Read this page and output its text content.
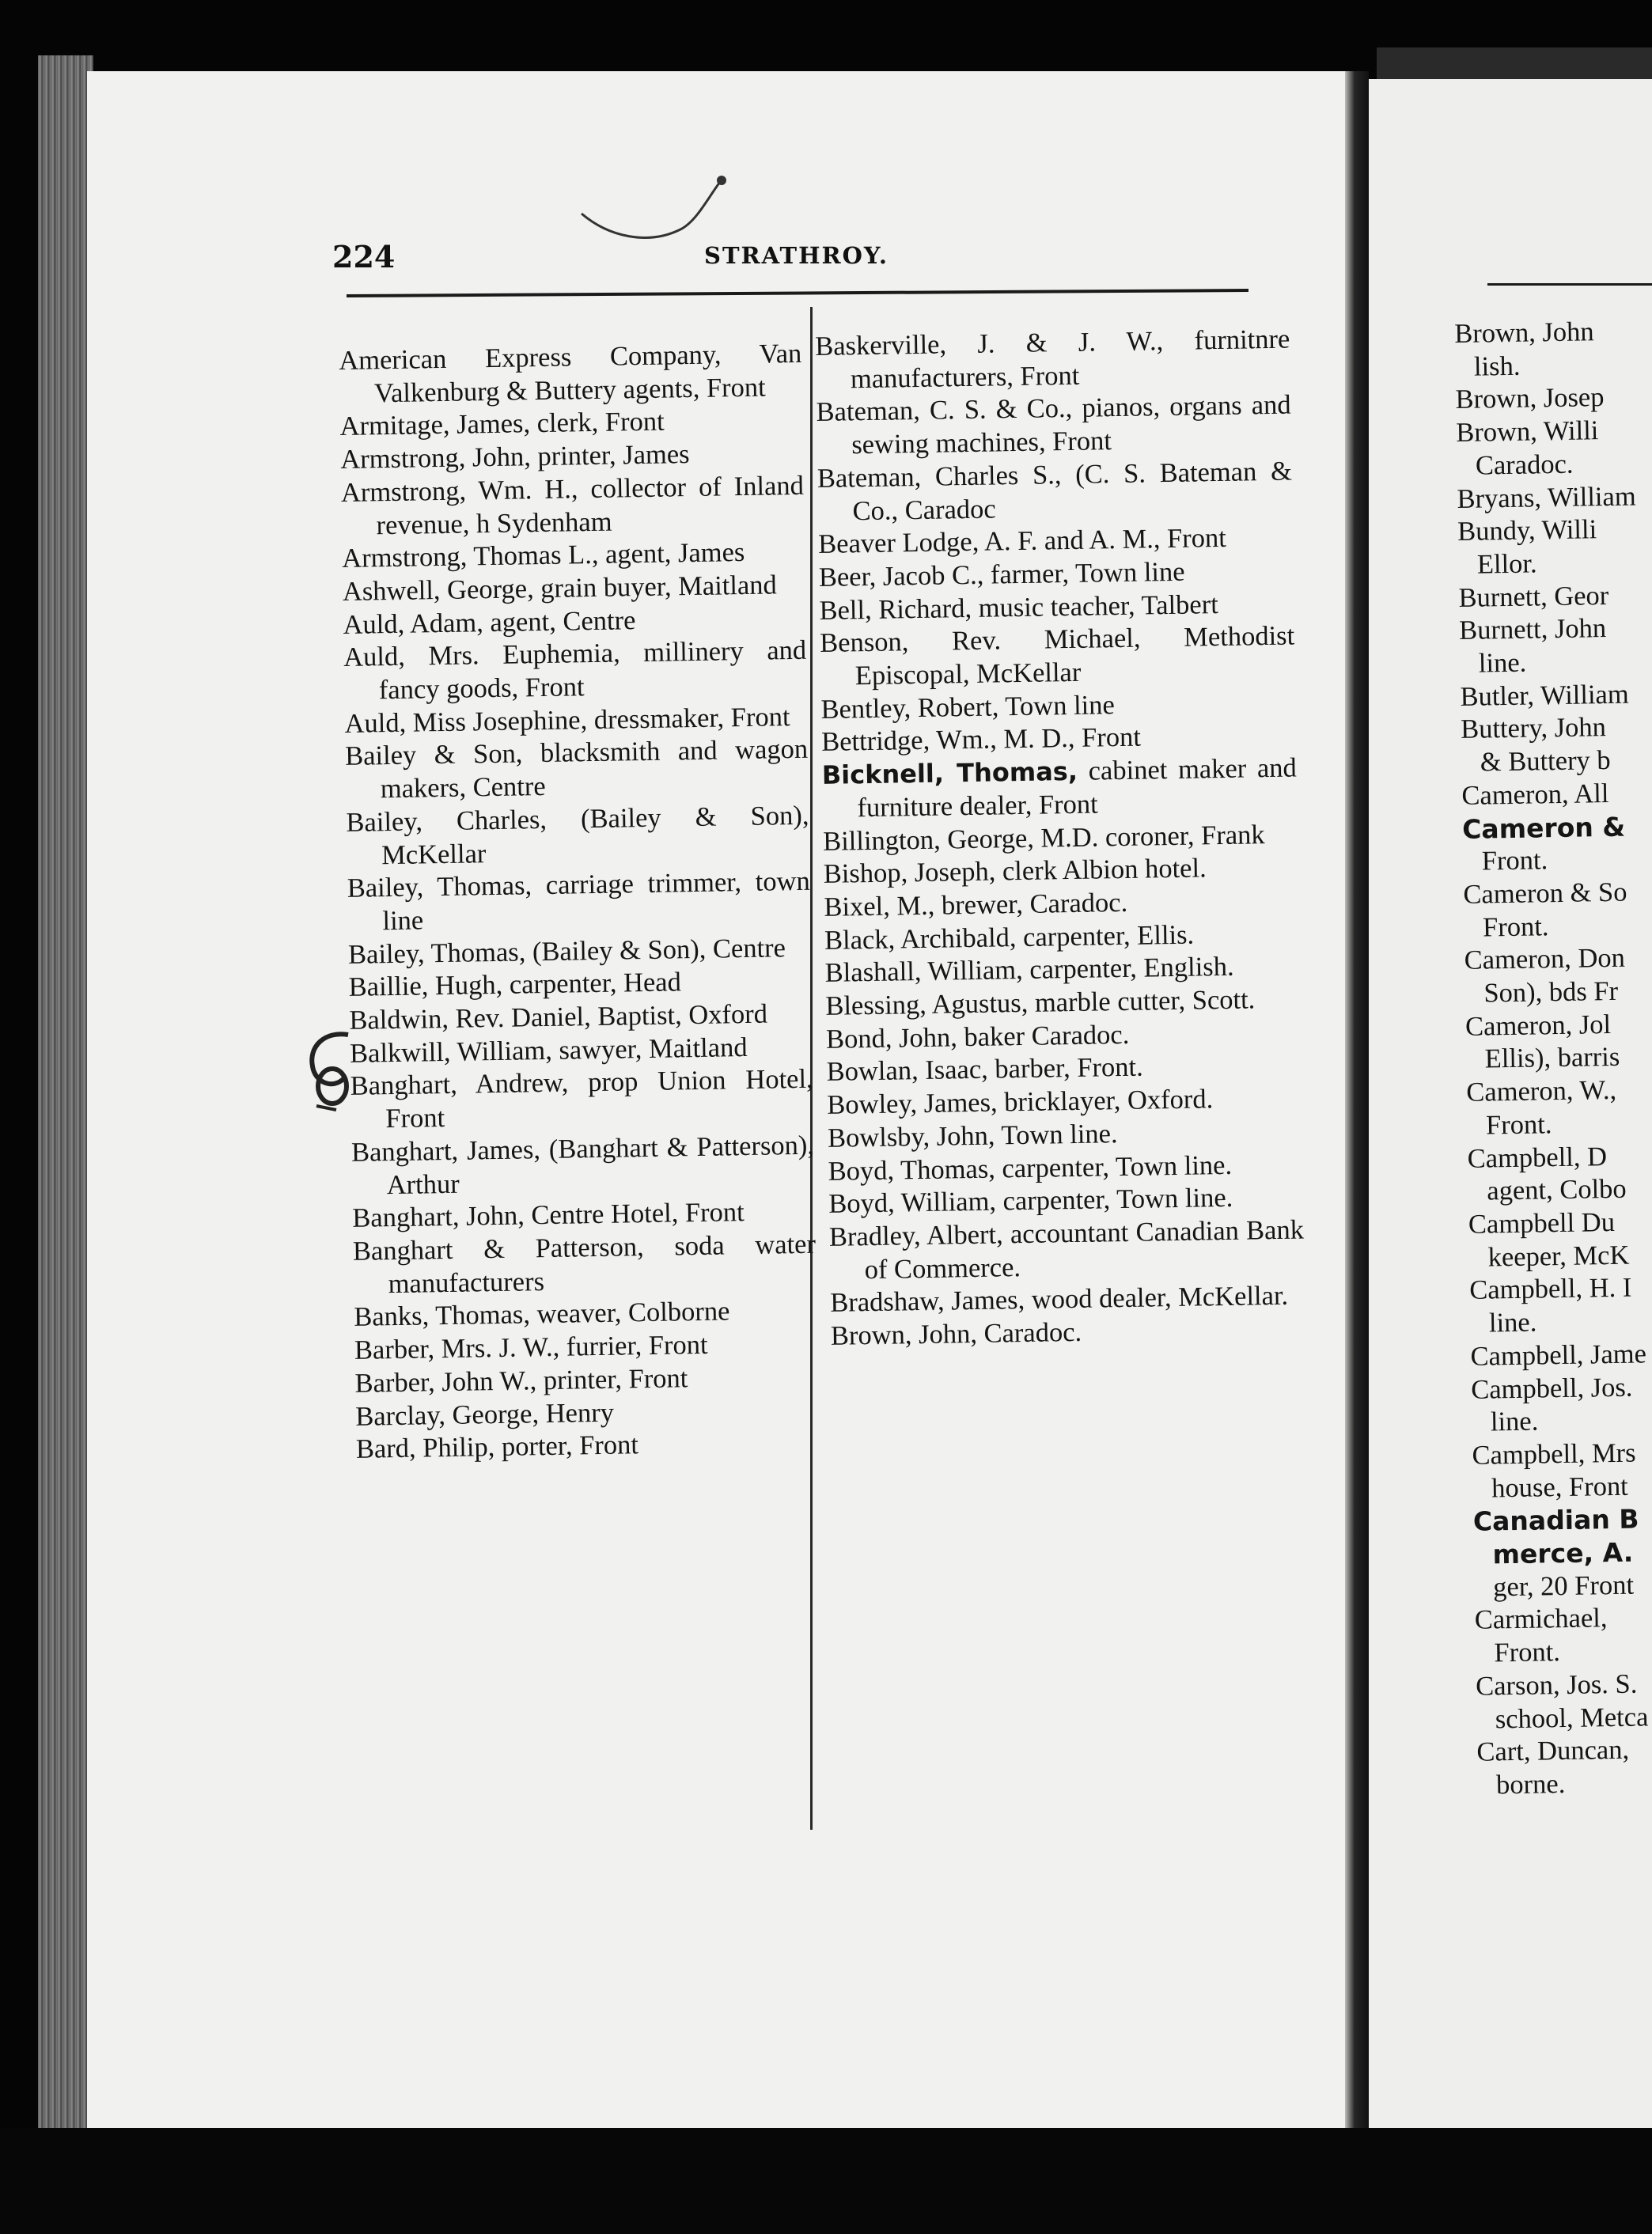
224	STRATHROY.

American Express Company, Van Valkenburg & Buttery agents, Front

Armitage, James, clerk, Front

Armstrong, John, printer, James

Armstrong, Wm. H., collector of Inland revenue, h Sydenham

Armstrong, Thomas L., agent, James

Ashwell, George, grain buyer, Maitland

Auld, Adam, agent, Centre

Auld, Mrs. Euphemia, millinery and fancy goods, Front

Auld, Miss Josephine, dressmaker, Front

Bailey & Son, blacksmith and wagon makers, Centre

Bailey, Charles, (Bailey & Son), McKellar

Bailey, Thomas, carriage trimmer, town line

Bailey, Thomas, (Bailey & Son), Centre

Baillie, Hugh, carpenter, Head

Baldwin, Rev. Daniel, Baptist, Oxford

Balkwill, William, sawyer, Maitland

Banghart, Andrew, prop Union Hotel, Front

Banghart, James, (Banghart & Patterson), Arthur

Banghart, John, Centre Hotel, Front

Banghart & Patterson, soda water manufacturers

Banks, Thomas, weaver, Colborne

Barber, Mrs. J. W., furrier, Front

Barber, John W., printer, Front

Barclay, George, Henry

Bard, Philip, porter, Front

Baskerville, J. & J. W., furnitnre manufacturers, Front

Bateman, C. S. & Co., pianos, organs and sewing machines, Front

Bateman, Charles S., (C. S. Bateman & Co., Caradoc

Beaver Lodge, A. F. and A. M., Front

Beer, Jacob C., farmer, Town line

Bell, Richard, music teacher, Talbert

Benson, Rev. Michael, Methodist Episcopal, McKellar

Bentley, Robert, Town line

Bettridge, Wm., M. D., Front

Bicknell, Thomas, cabinet maker and furniture dealer, Front

Billington, George, M.D. coroner, Frank

Bishop, Joseph, clerk Albion hotel.

Bixel, M., brewer, Caradoc.

Black, Archibald, carpenter, Ellis.

Blashall, William, carpenter, English.

Blessing, Agustus, marble cutter, Scott.

Bond, John, baker Caradoc.

Bowlan, Isaac, barber, Front.

Bowley, James, bricklayer, Oxford.

Bowlsby, John, Town line.

Boyd, Thomas, carpenter, Town line.

Boyd, William, carpenter, Town line.

Bradley, Albert, accountant Canadian Bank of Commerce.

Bradshaw, James, wood dealer, McKellar.

Brown, John, Caradoc.

Brown, John
lish.
Brown, Josep
Brown, Willi
Caradoc.
Bryans, William
Bundy, Willi
Ellor.
Burnett, Geor
Burnett, John
line.
Butler, William
Buttery, John
& Buttery b
Cameron, All
Cameron &
Front.
Cameron & So
Front.
Cameron, Don
Son), bds Fr
Cameron, Jol
Ellis), barris
Cameron, W.,
Front.
Campbell, D
agent, Colbo
Campbell Du
keeper, McK
Campbell, H. I
line.
Campbell, Jame
Campbell, Jos.
line.
Campbell, Mrs
house, Front
Canadian B
merce, A.
ger, 20 Front
Carmichael,
Front.
Carson, Jos. S.
school, Metca
Cart, Duncan,
borne.
